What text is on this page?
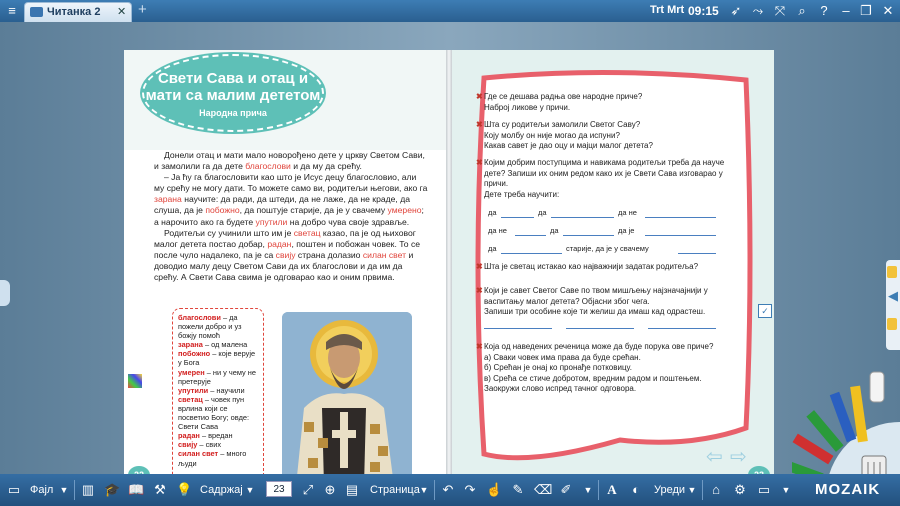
≡	Читанка 2 ✕ +	Trt Mrt 09:15 ➶ ⤳ ⤧	⌕	?	– ❐ ✕
Свети Сава и отац и мати са малим дететом
Народна прича

Донели отац и мати мало новорођено дете у цркву Светом Сави, и замолили га да дете благослови и да му да срећу.

– Ја ћу га благословити као што је Исус децу благословио, али му срећу не могу дати. То можете само ви, родитељи његови, ако га зарана научите: да ради, да штеди, да не лаже, да не краде, да слуша, да је побожно, да поштује старије, да је у свачему умерено; а нарочито ако га будете упутили на добро чува своје здравље.

Родитељи су учинили што им је светац казао, па је од њиховог малог детета постао добар, радан, поштен и побожан човек. То се после чуло надалеко, па је са свију страна долазио силан свет и доводио малу децу Светом Сави да их благослови и да им да срећу. А Свети Сава свима је одговарао као и оним првима.

благослови – да пожели добро и уз божју помоћ
зарана – од малена
побожно – које верује у Бога
умерен – ни у чему не претерује
упутили – научили
светац – човек пун врлина који се посветио Богу; овде: Свети Сава
радан – вредан
свију – свих
силан свет – много људи
✖ Где се дешава радња ове народне приче?
Наброј ликове у причи.
✖ Шта су родитељи замолили Светог Саву?
Коју молбу он није могао да испуни?
Какав савет је дао оцу и мајци малог детета?
✖ Којим добрим поступцима и навикама родитељи треба да науче дете? Запиши их оним редом како их је Свети Сава изговарао у причи.
Дете треба научити:
✖ Шта је светац истакао као најважнији задатак родитеља?
✖ Који је савет Светог Саве по твом мишљењу најзначајнији у васпитању малог детета? Објасни због чега.
Запиши три особине које ти желиш да имаш кад одрастеш.
✖ Која од наведених реченица може да буде порука ове приче?
а) Сваки човек има права да буде срећан.
б) Срећан је онај ко пронађе потковицу.
в) Срећа се стиче добротом, вредним радом и поштењем.
Заокружи слово испред тачног одговора.
да	да	да не
да не	да	да је
да	старије, да је у свачему
⇦ ⇨
◀
✓
▭ Фајл ▼ ▥ 🎓 📖 ⚒ 💡 Садржај ▼	23	⤢ ⊕ ▤ Страница ▼ ↶ ↷ ☝ ✎ ⌫ ✐	▼ A	◐	Уреди ▼	⌂	⚙ ▭	▼ MOZAIK
